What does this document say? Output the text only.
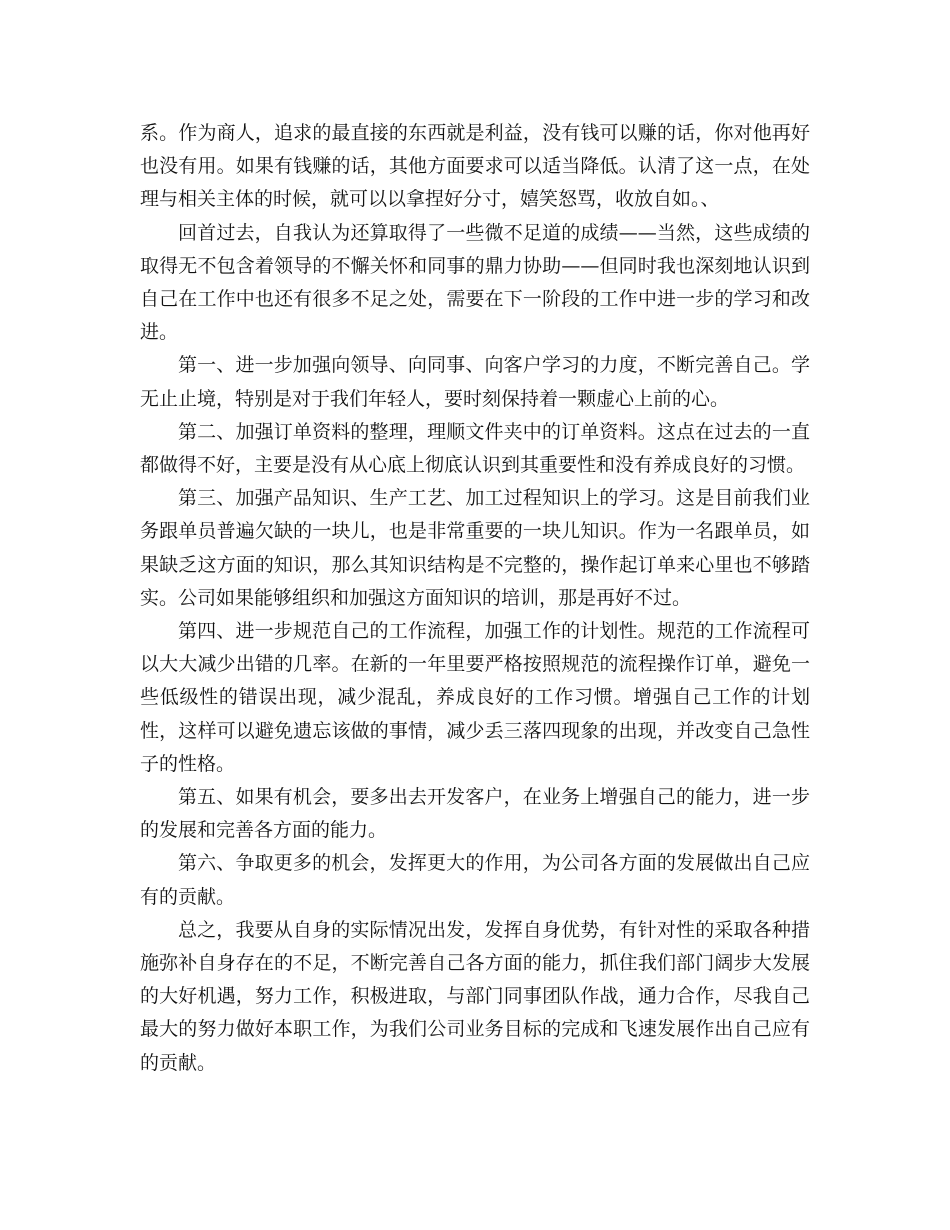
系。作为商人，追求的最直接的东西就是利益，没有钱可以赚的话，你对他再好也没有用。如果有钱赚的话，其他方面要求可以适当降低。认清了这一点，在处理与相关主体的时候，就可以以拿捏好分寸，嬉笑怒骂，收放自如。、

回首过去，自我认为还算取得了一些微不足道的成绩——当然，这些成绩的取得无不包含着领导的不懈关怀和同事的鼎力协助——但同时我也深刻地认识到自己在工作中也还有很多不足之处，需要在下一阶段的工作中进一步的学习和改进。

第一、进一步加强向领导、向同事、向客户学习的力度，不断完善自己。学无止止境，特别是对于我们年轻人，要时刻保持着一颗虚心上前的心。

第二、加强订单资料的整理，理顺文件夹中的订单资料。这点在过去的一直都做得不好，主要是没有从心底上彻底认识到其重要性和没有养成良好的习惯。

第三、加强产品知识、生产工艺、加工过程知识上的学习。这是目前我们业务跟单员普遍欠缺的一块儿，也是非常重要的一块儿知识。作为一名跟单员，如果缺乏这方面的知识，那么其知识结构是不完整的，操作起订单来心里也不够踏实。公司如果能够组织和加强这方面知识的培训，那是再好不过。

第四、进一步规范自己的工作流程，加强工作的计划性。规范的工作流程可以大大减少出错的几率。在新的一年里要严格按照规范的流程操作订单，避免一些低级性的错误出现，减少混乱，养成良好的工作习惯。增强自己工作的计划性，这样可以避免遗忘该做的事情，减少丢三落四现象的出现，并改变自己急性子的性格。

第五、如果有机会，要多出去开发客户，在业务上增强自己的能力，进一步的发展和完善各方面的能力。

第六、争取更多的机会，发挥更大的作用，为公司各方面的发展做出自己应有的贡献。

总之，我要从自身的实际情况出发，发挥自身优势，有针对性的采取各种措施弥补自身存在的不足，不断完善自己各方面的能力，抓住我们部门阔步大发展的大好机遇，努力工作，积极进取，与部门同事团队作战，通力合作，尽我自己最大的努力做好本职工作，为我们公司业务目标的完成和飞速发展作出自己应有的贡献。
